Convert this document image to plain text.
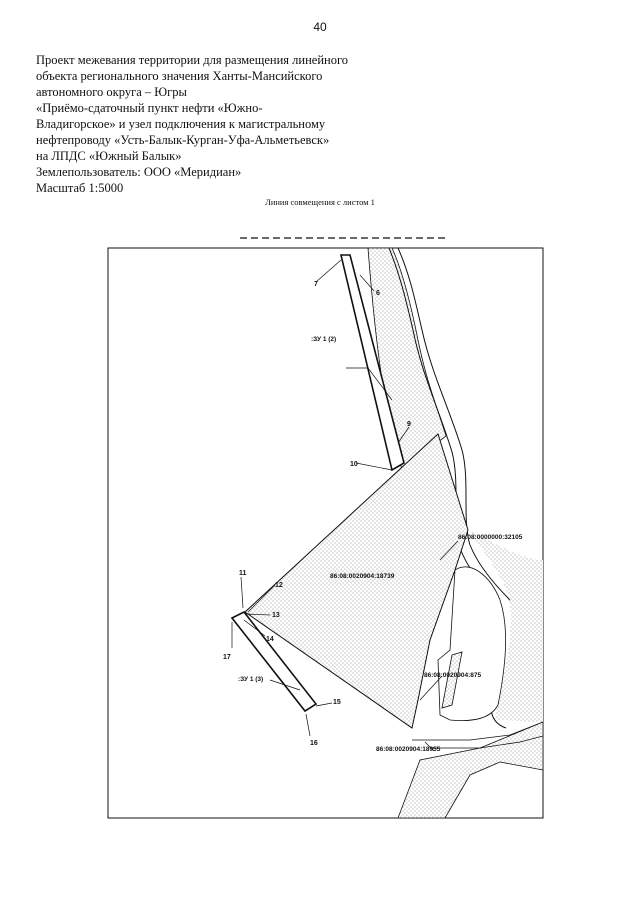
40
Проект межевания территории для размещения линейного
объекта регионального значения Ханты-Мансийского
автономного округа – Югры
«Приёмо-сдаточный пункт нефти «Южно-
Владигорское» и узел подключения к магистральному
нефтепроводу «Усть-Балык-Курган-Уфа-Альметьевск»
на ЛПДС «Южный Балык»
Землепользователь: ООО «Меридиан»
Масштаб 1:5000
Линия совмещения с листом 1
:ЗУ 1 (2)
:ЗУ 1 (3)
86:08:0000000:32105
86:08:0020904:18739
86:08:0020904:875
86:08:0020904:18955
7
6
9
10
11
12
13
14
17
15
16
